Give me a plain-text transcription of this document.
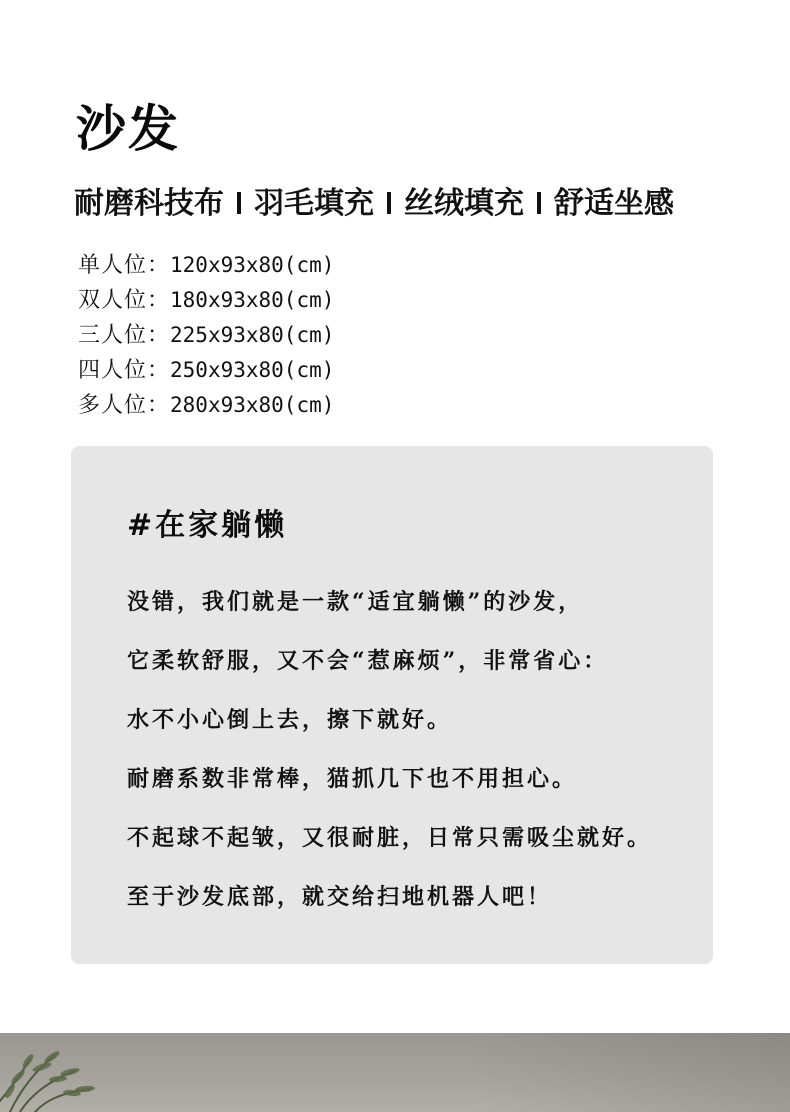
沙发
耐磨科技布 羽毛填充 丝绒填充 舒适坐感
单人位：120x93x80(cm)
双人位：180x93x80(cm)
三人位：225x93x80(cm)
四人位：250x93x80(cm)
多人位：280x93x80(cm)
#在家躺懒
没错，我们就是一款“适宜躺懒”的沙发，
它柔软舒服，又不会“惹麻烦”，非常省心：
水不小心倒上去，擦下就好。
耐磨系数非常棒，猫抓几下也不用担心。
不起球不起皱，又很耐脏，日常只需吸尘就好。
至于沙发底部，就交给扫地机器人吧！
